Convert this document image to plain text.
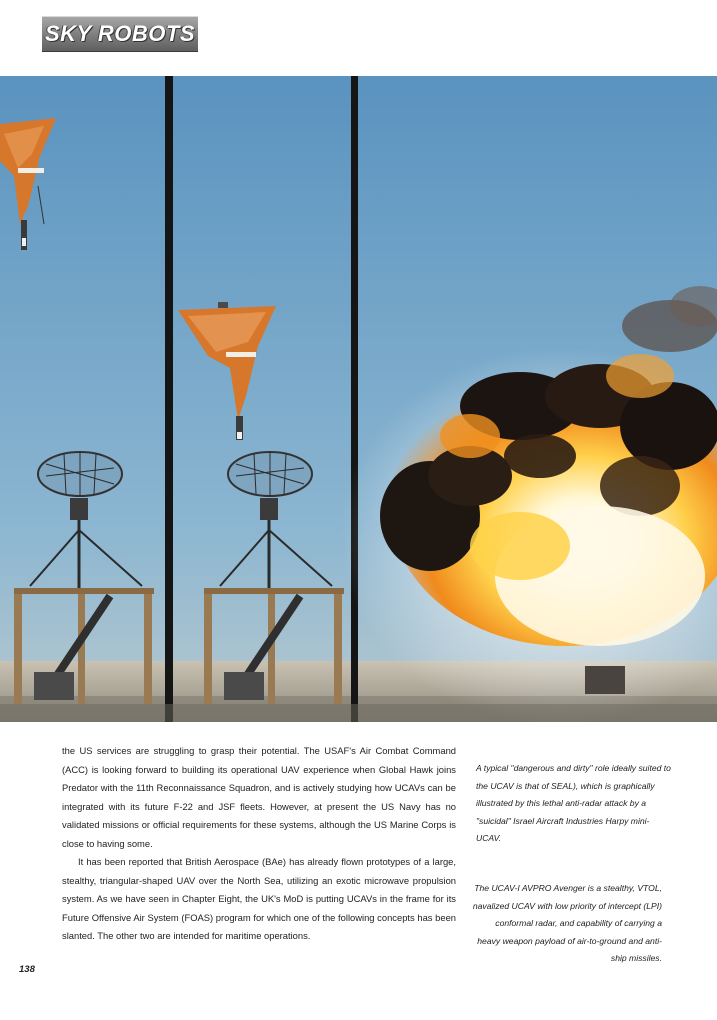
SKY ROBOTS

the US services are struggling to grasp their potential. The USAF's Air Combat Command (ACC) is looking forward to building its operational UAV experience when Global Hawk joins Predator with the 11th Reconnaissance Squadron, and is actively studying how UCAVs can be integrated with its future F-22 and JSF fleets. However, at present the US Navy has no validated missions or official requirements for these systems, although the US Marine Corps is close to having some.

It has been reported that British Aerospace (BAe) has already flown prototypes of a large, stealthy, triangular-shaped UAV over the North Sea, utilizing an exotic microwave propulsion system. As we have seen in Chapter Eight, the UK's MoD is putting UCAVs in the frame for its Future Offensive Air System (FOAS) program for which one of the following concepts has been slanted. The other two are intended for maritime operations.

A typical "dangerous and dirty" role ideally suited to the UCAV is that of SEAL), which is graphically illustrated by this lethal anti-radar attack by a "suicidal" Israel Aircraft Industries Harpy mini-UCAV.
The UCAV-I AVPRO Avenger is a stealthy, VTOL, navalized UCAV with low priority of intercept (LPI) conformal radar, and capability of carrying a heavy weapon payload of air-to-ground and anti-ship missiles.
138
